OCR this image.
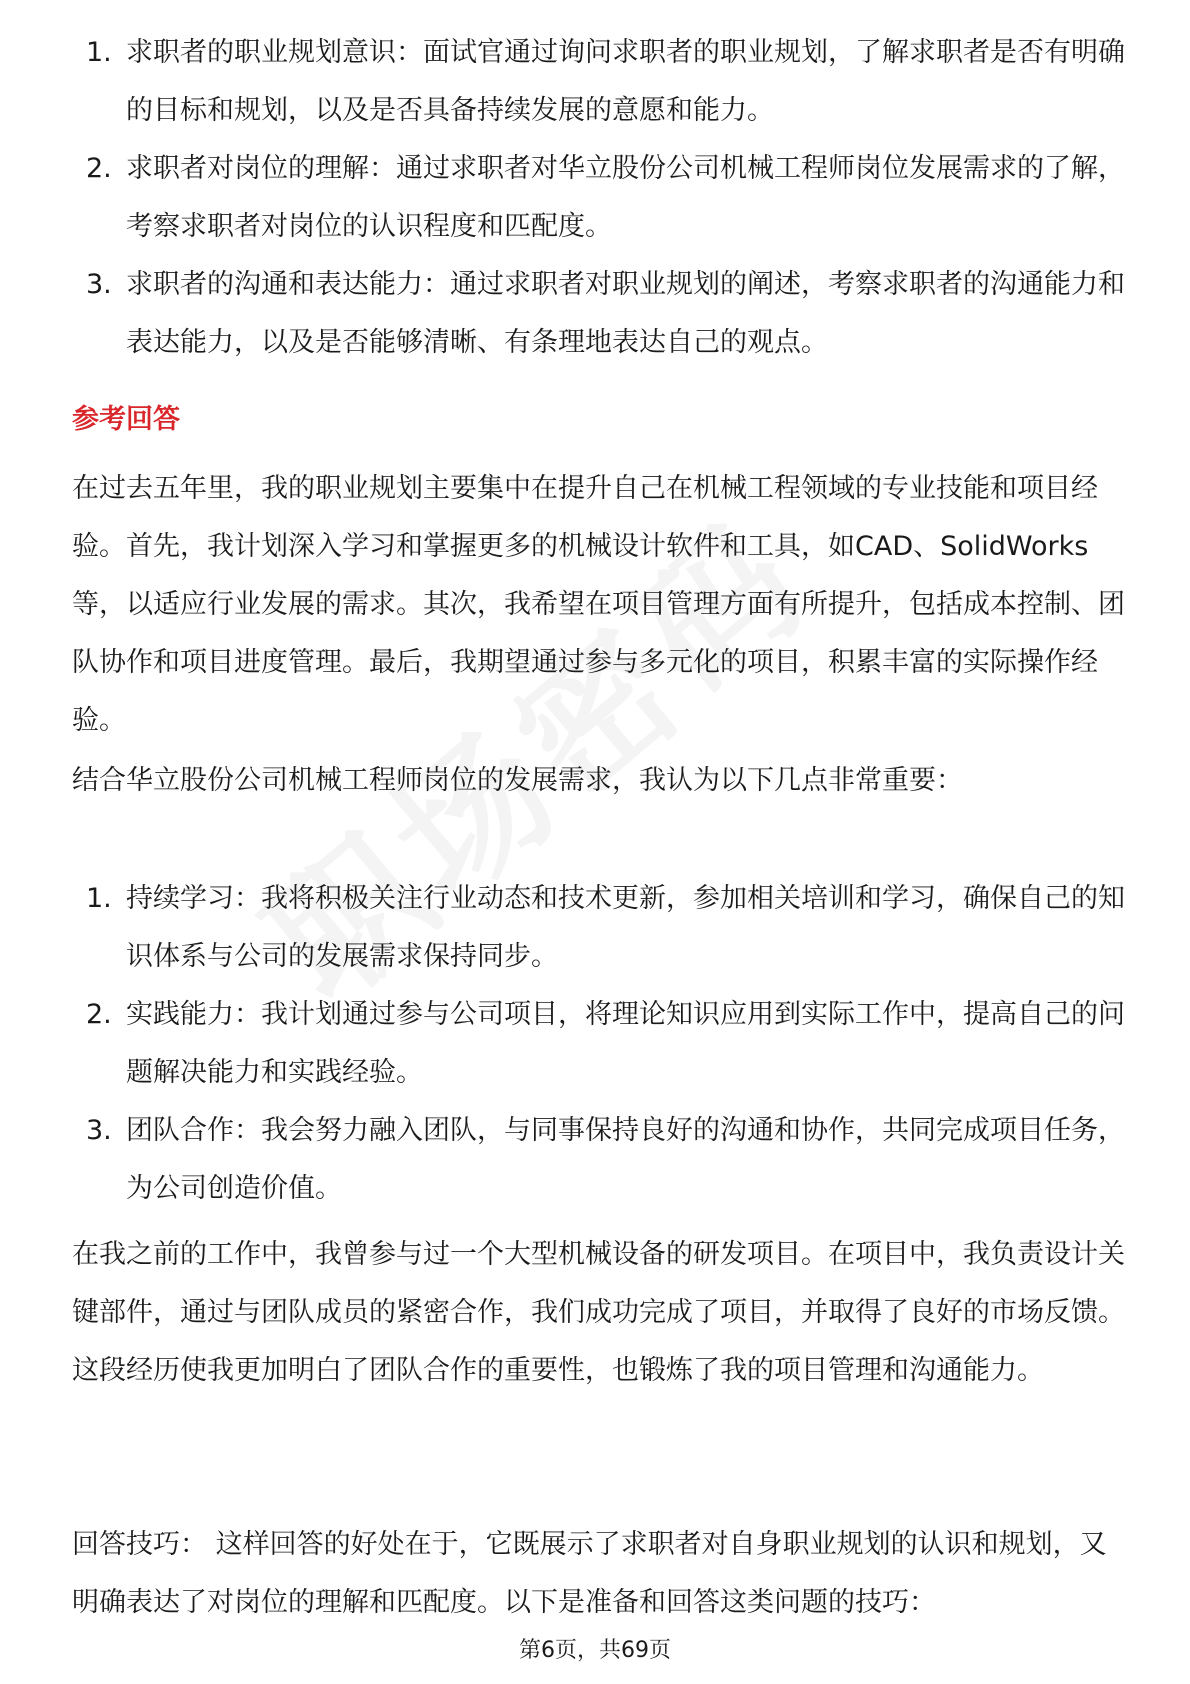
1. 求职者的职业规划意识：面试官通过询问求职者的职业规划，了解求职者是否有明确的目标和规划，以及是否具备持续发展的意愿和能力。
2. 求职者对岗位的理解：通过求职者对华立股份公司机械工程师岗位发展需求的了解，考察求职者对岗位的认识程度和匹配度。
3. 求职者的沟通和表达能力：通过求职者对职业规划的阐述，考察求职者的沟通能力和表达能力，以及是否能够清晰、有条理地表达自己的观点。
参考回答

在过去五年里，我的职业规划主要集中在提升自己在机械工程领域的专业技能和项目经验。首先，我计划深入学习和掌握更多的机械设计软件和工具，如CAD、SolidWorks等，以适应行业发展的需求。其次，我希望在项目管理方面有所提升，包括成本控制、团队协作和项目进度管理。最后，我期望通过参与多元化的项目，积累丰富的实际操作经验。

结合华立股份公司机械工程师岗位的发展需求，我认为以下几点非常重要：

1. 持续学习：我将积极关注行业动态和技术更新，参加相关培训和学习，确保自己的知识体系与公司的发展需求保持同步。
2. 实践能力：我计划通过参与公司项目，将理论知识应用到实际工作中，提高自己的问题解决能力和实践经验。
3. 团队合作：我会努力融入团队，与同事保持良好的沟通和协作，共同完成项目任务，为公司创造价值。

在我之前的工作中，我曾参与过一个大型机械设备的研发项目。在项目中，我负责设计关键部件，通过与团队成员的紧密合作，我们成功完成了项目，并取得了良好的市场反馈。这段经历使我更加明白了团队合作的重要性，也锻炼了我的项目管理和沟通能力。

回答技巧： 这样回答的好处在于，它既展示了求职者对自身职业规划的认识和规划，又明确表达了对岗位的理解和匹配度。以下是准备和回答这类问题的技巧：

第6页，共69页
